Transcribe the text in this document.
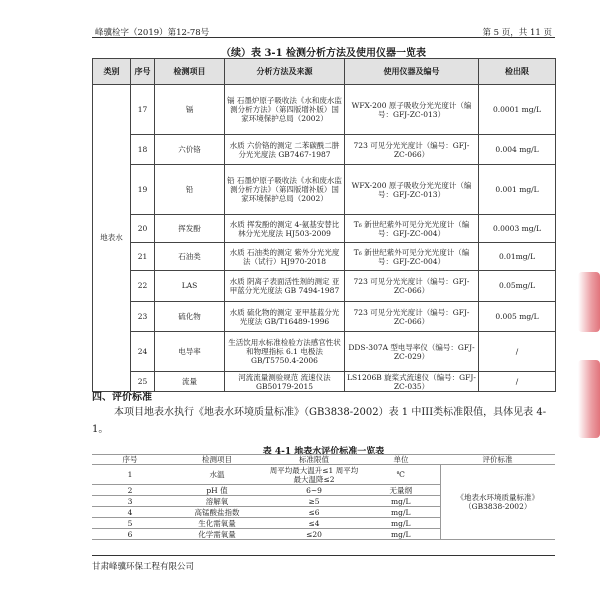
峰骥检字（2019）第12-78号	第 5 页，共 11 页
（续）表 3-1 检测分析方法及使用仪器一览表
类别	序号	检测项目	分析方法及来源	使用仪器及编号	检出限
地表水	17	镉	镉 石墨炉原子吸收法《水和废水监测分析方法》（第四版增补版）国家环境保护总局（2002）	WFX-200 原子吸收分光光度计（编号：GFJ-ZC-013）	0.0001 mg/L
	18	六价铬	水质 六价铬的测定 二苯碳酰二肼分光光度法 GB7467-1987	723 可见分光光度计（编号：GFJ-ZC-066）	0.004 mg/L
	19	铅	铅 石墨炉原子吸收法《水和废水监测分析方法》（第四版增补版）国家环境保护总局（2002）	WFX-200 原子吸收分光光度计（编号：GFJ-ZC-013）	0.001 mg/L
	20	挥发酚	水质 挥发酚的测定 4-氨基安替比林分光光度法 HJ503-2009	T₆ 新世纪紫外可见分光光度计（编号：GFJ-ZC-004）	0.0003 mg/L
	21	石油类	水质 石油类的测定 紫外分光光度法（试行）HJ970-2018	T₆ 新世纪紫外可见分光光度计（编号：GFJ-ZC-004）	0.01mg/L
	22	LAS	水质 阴离子表面活性剂的测定 亚甲蓝分光光度法 GB 7494-1987	723 可见分光光度计（编号：GFJ-ZC-066）	0.05mg/L
	23	硫化物	水质 硫化物的测定 亚甲基蓝分光光度法 GB/T16489-1996	723 可见分光光度计（编号：GFJ-ZC-066）	0.005 mg/L
	24	电导率	生活饮用水标准检验方法感官性状和物理指标 6.1 电极法 GB/T5750.4-2006	DDS-307A 型电导率仪（编号：GFJ-ZC-029）	/
	25	流量	河流流量测验规范 流速仪法 GB50179-2015	LS1206B 旋桨式流速仪（编号：GFJ-ZC-035）	/
四、评价标准
本项目地表水执行《地表水环境质量标准》（GB3838-2002）表 1 中III类标准限值，具体见表 4-1。
表 4-1 地表水评价标准一览表
序号	检测项目	标准限值	单位	评价标准
1	水温	周平均最大温升≤1 周平均最大温降≤2	℃	《地表水环境质量标准》（GB3838-2002）
2	pH 值	6~9	无量纲	
3	溶解氧	≥5	mg/L	
4	高锰酸盐指数	≤6	mg/L	
5	生化需氧量	≤4	mg/L	
6	化学需氧量	≤20	mg/L	
甘肃峰骥环保工程有限公司
